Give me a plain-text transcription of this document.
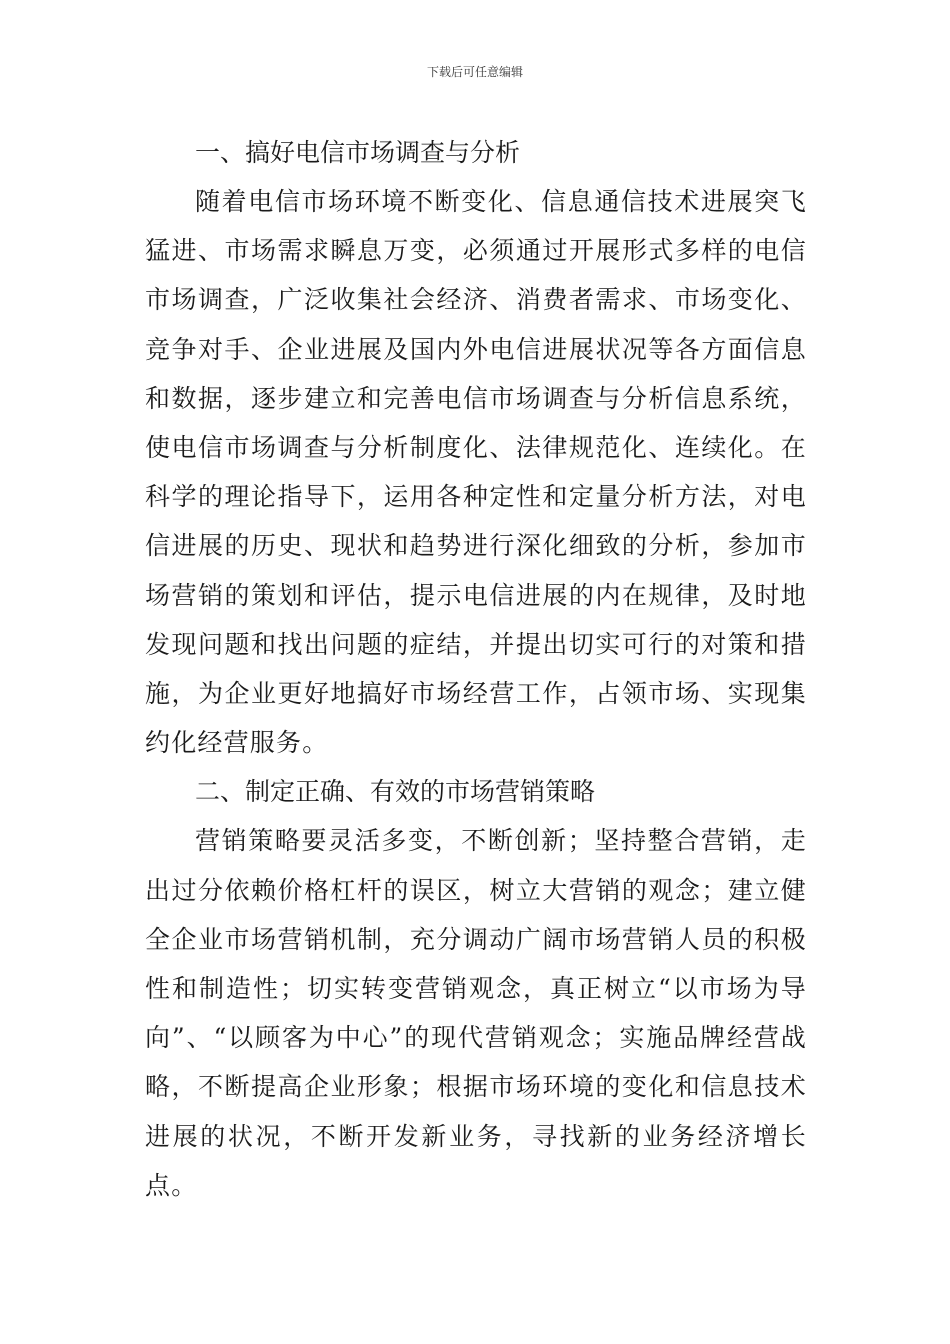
下载后可任意编辑
一、搞好电信市场调查与分析

随着电信市场环境不断变化、信息通信技术进展突飞猛进、市场需求瞬息万变，必须通过开展形式多样的电信市场调查，广泛收集社会经济、消费者需求、市场变化、竞争对手、企业进展及国内外电信进展状况等各方面信息和数据，逐步建立和完善电信市场调查与分析信息系统，使电信市场调查与分析制度化、法律规范化、连续化。在科学的理论指导下，运用各种定性和定量分析方法，对电信进展的历史、现状和趋势进行深化细致的分析，参加市场营销的策划和评估，提示电信进展的内在规律，及时地发现问题和找出问题的症结，并提出切实可行的对策和措施，为企业更好地搞好市场经营工作，占领市场、实现集约化经营服务。

二、制定正确、有效的市场营销策略

营销策略要灵活多变，不断创新；坚持整合营销，走出过分依赖价格杠杆的误区，树立大营销的观念；建立健全企业市场营销机制，充分调动广阔市场营销人员的积极性和制造性；切实转变营销观念，真正树立“以市场为导向”、“以顾客为中心”的现代营销观念；实施品牌经营战略，不断提高企业形象；根据市场环境的变化和信息技术进展的状况，不断开发新业务，寻找新的业务经济增长点。
